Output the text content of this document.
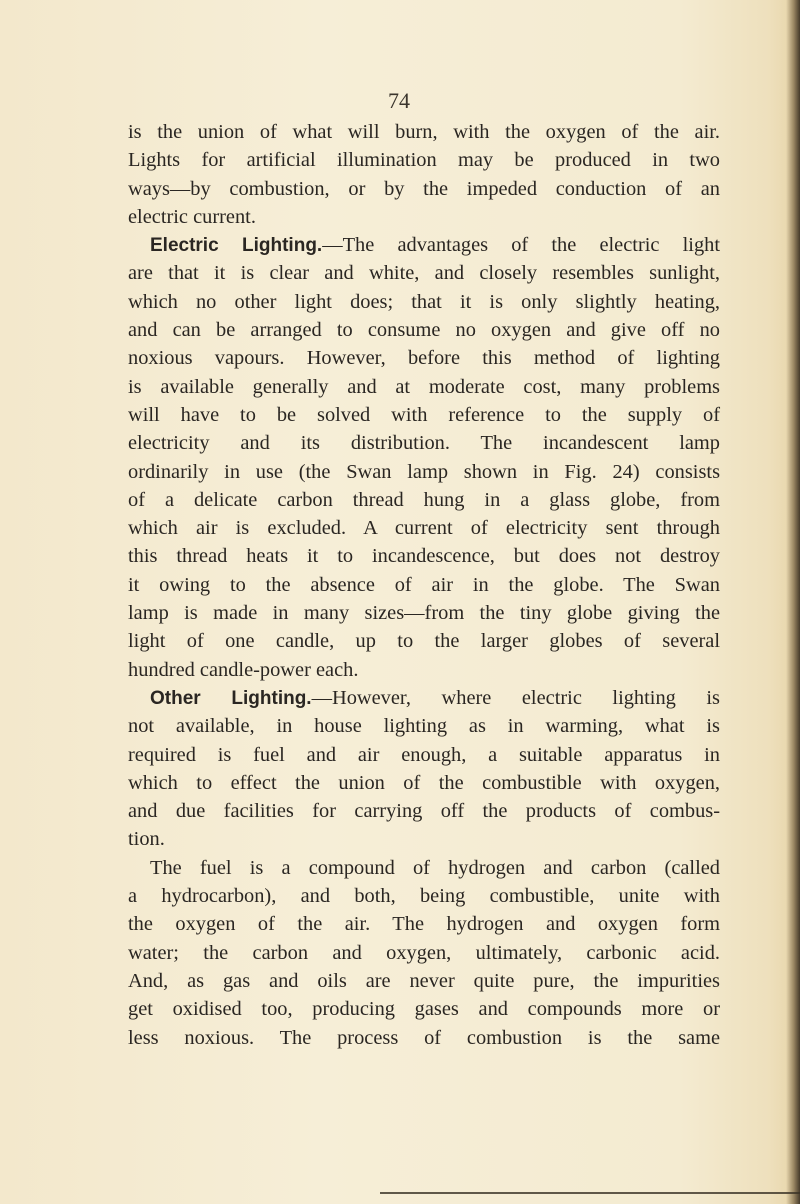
74
is the union of what will burn, with the oxygen of the air.
Lights for artificial illumination may be produced in two
ways—by combustion, or by the impeded conduction of an
electric current.
Electric Lighting.—The advantages of the electric light
are that it is clear and white, and closely resembles sunlight,
which no other light does; that it is only slightly heating,
and can be arranged to consume no oxygen and give off no
noxious vapours. However, before this method of lighting
is available generally and at moderate cost, many problems
will have to be solved with reference to the supply of
electricity and its distribution. The incandescent lamp
ordinarily in use (the Swan lamp shown in Fig. 24) consists
of a delicate carbon thread hung in a glass globe, from
which air is excluded. A current of electricity sent through
this thread heats it to incandescence, but does not destroy
it owing to the absence of air in the globe. The Swan
lamp is made in many sizes—from the tiny globe giving the
light of one candle, up to the larger globes of several
hundred candle-power each.
Other Lighting.—However, where electric lighting is
not available, in house lighting as in warming, what is
required is fuel and air enough, a suitable apparatus in
which to effect the union of the combustible with oxygen,
and due facilities for carrying off the products of combus-
tion.
The fuel is a compound of hydrogen and carbon (called
a hydrocarbon), and both, being combustible, unite with
the oxygen of the air. The hydrogen and oxygen form
water; the carbon and oxygen, ultimately, carbonic acid.
And, as gas and oils are never quite pure, the impurities
get oxidised too, producing gases and compounds more or
less noxious. The process of combustion is the same
